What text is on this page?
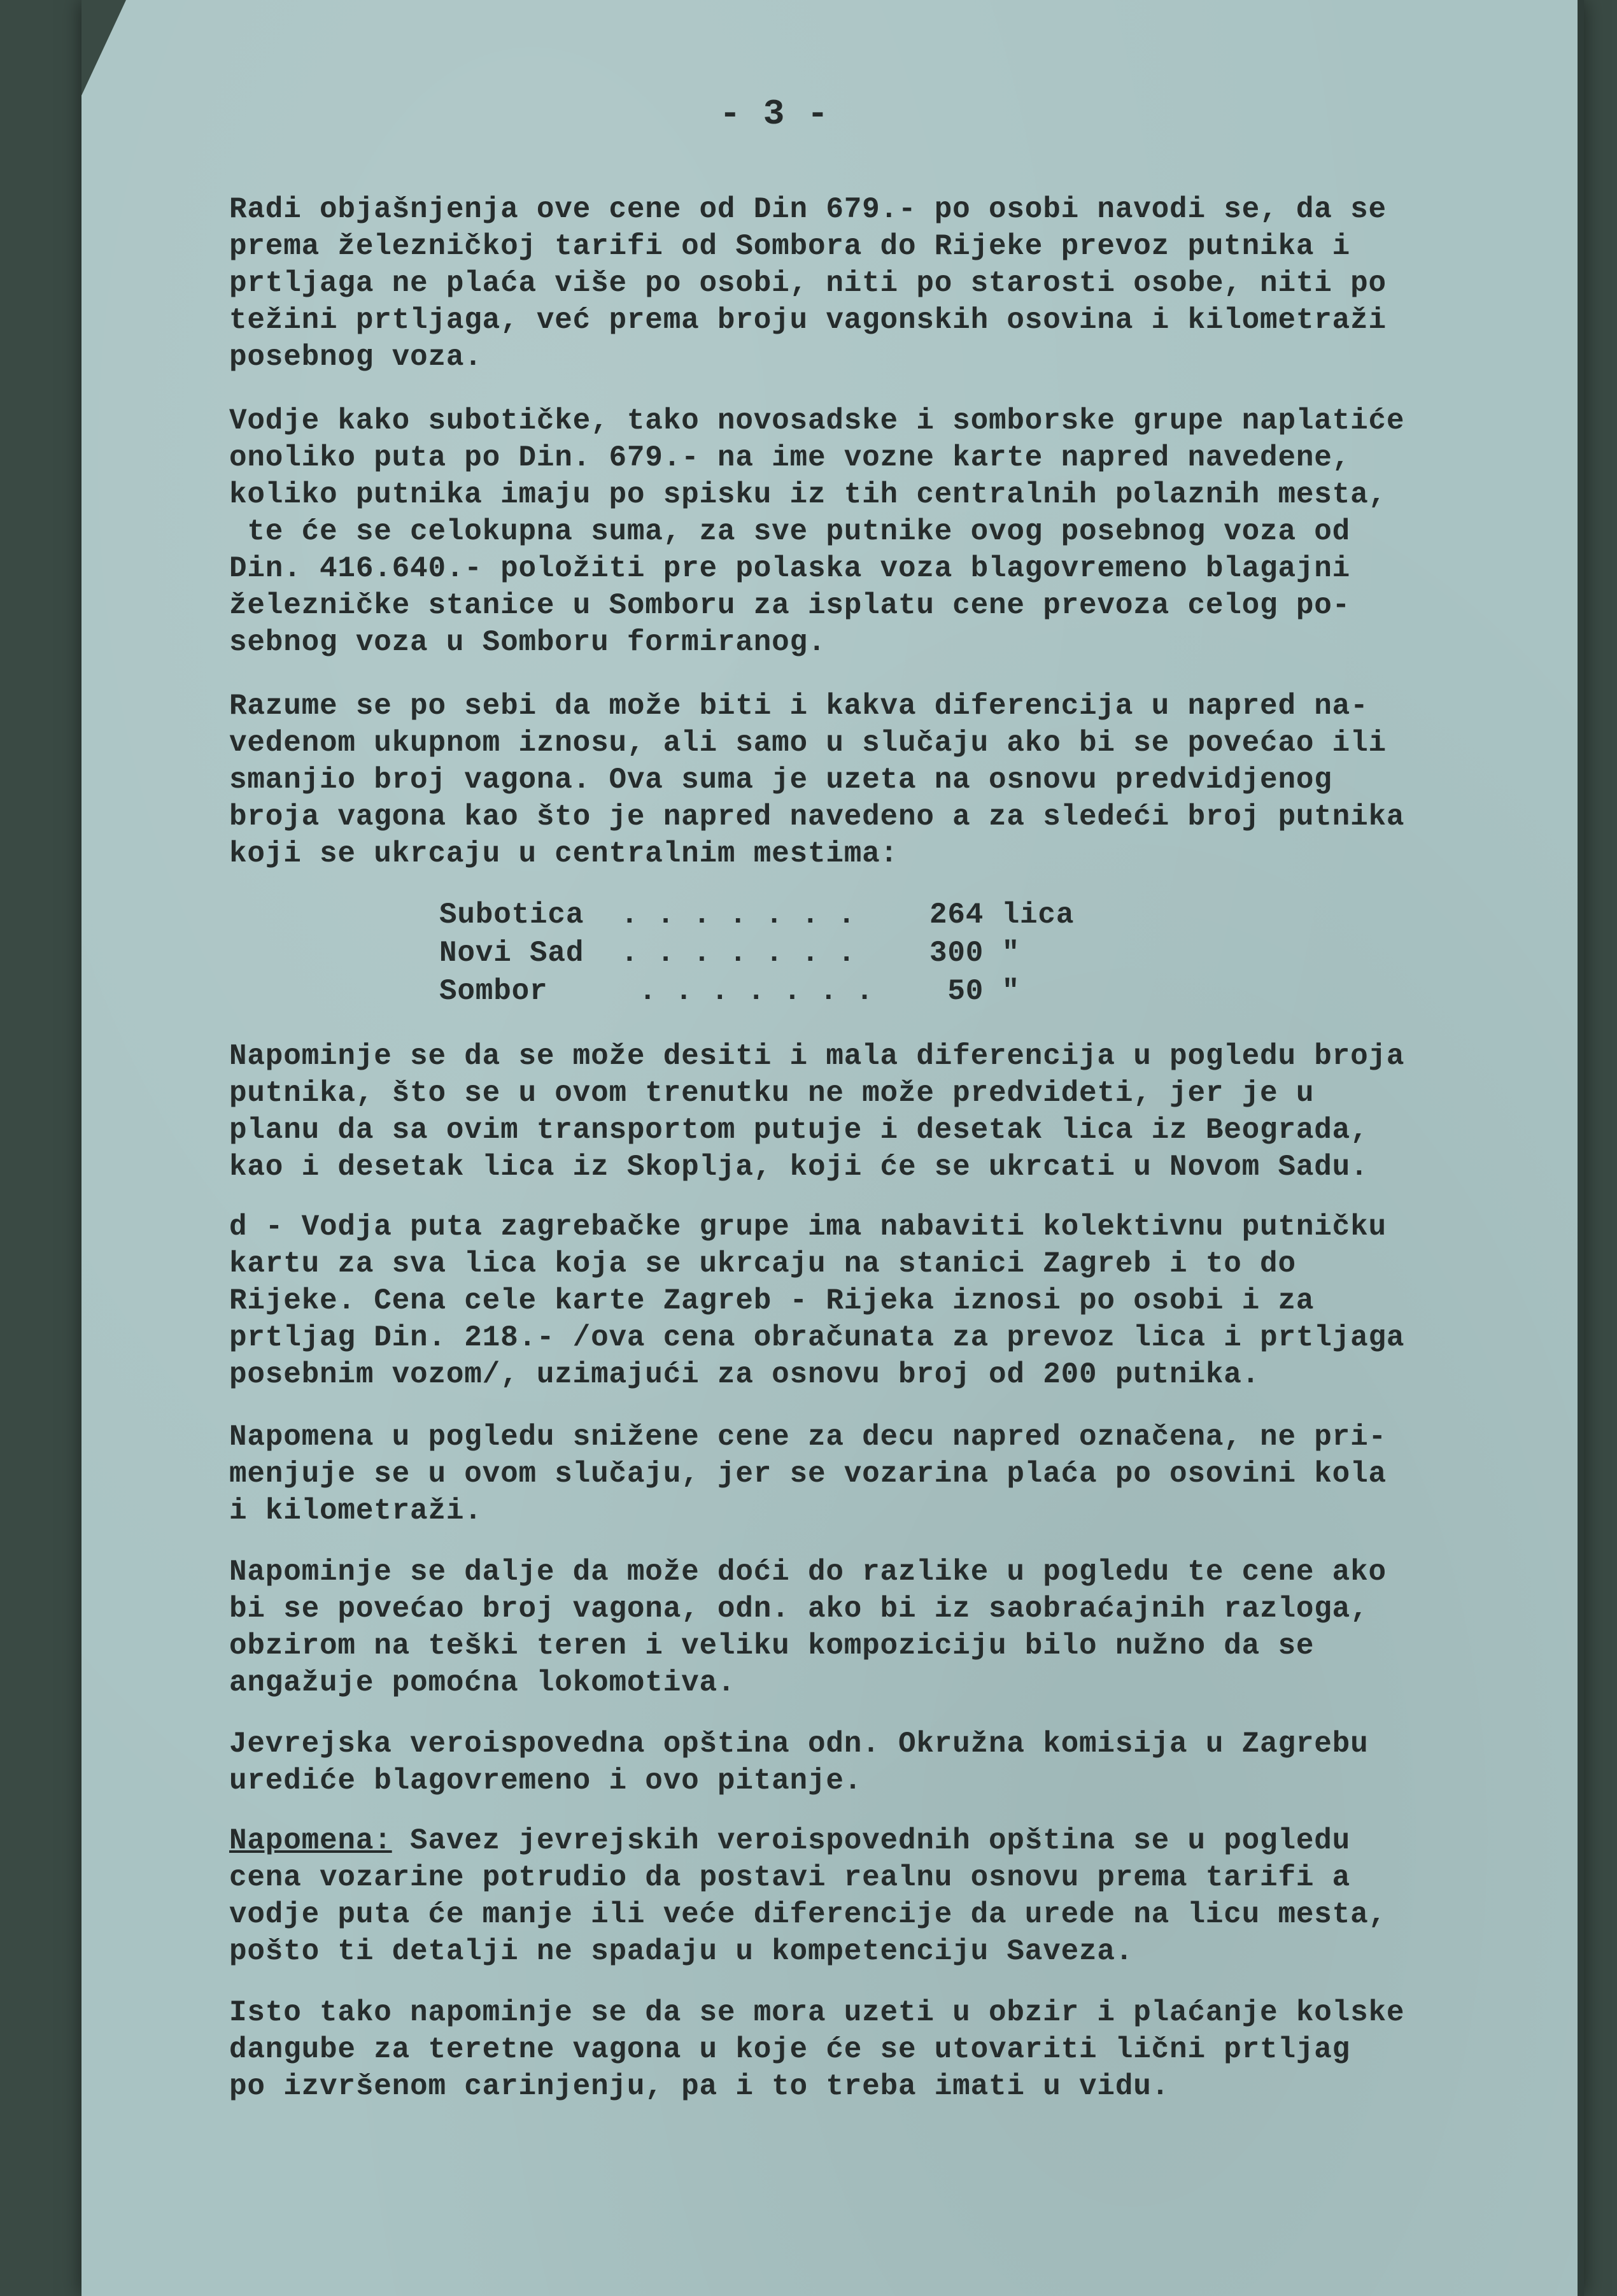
- 3 -
Radi objašnjenja ove cene od Din 679.- po osobi navodi se, da se
prema železničkoj tarifi od Sombora do Rijeke prevoz putnika i
prtljaga ne plaća više po osobi, niti po starosti osobe, niti po
težini prtljaga, već prema broju vagonskih osovina i kilometraži
posebnog voza.
Vodje kako subotičke, tako novosadske i somborske grupe naplatiće
onoliko puta po Din. 679.- na ime vozne karte napred navedene,
koliko putnika imaju po spisku iz tih centralnih polaznih mesta,
te će se celokupna suma, za sve putnike ovog posebnog voza od
Din. 416.640.- položiti pre polaska voza blagovremeno blagajni
železničke stanice u Somboru za isplatu cene prevoza celog po-
sebnog voza u Somboru formiranog.
Razume se po sebi da može biti i kakva diferencija u napred na-
vedenom ukupnom iznosu, ali samo u slučaju ako bi se povećao ili
smanjio broj vagona. Ova suma je uzeta na osnovu predvidjenog
broja vagona kao što je napred navedeno a za sledeći broj putnika
koji se ukrcaju u centralnim mestima:
Subotica . . . . . . .	264 lica
Novi Sad . . . . . . .	300 "
Sombor . . . . . . . 50 "
Napominje se da se može desiti i mala diferencija u pogledu broja
putnika, što se u ovom trenutku ne može predvideti, jer je u
planu da sa ovim transportom putuje i desetak lica iz Beograda,
kao i desetak lica iz Skoplja, koji će se ukrcati u Novom Sadu.
d - Vodja puta zagrebačke grupe ima nabaviti kolektivnu putničku
kartu za sva lica koja se ukrcaju na stanici Zagreb i to do
Rijeke. Cena cele karte Zagreb - Rijeka iznosi po osobi i za
prtljag Din. 218.- /ova cena obračunata za prevoz lica i prtljaga
posebnim vozom/, uzimajući za osnovu broj od 200 putnika.
Napomena u pogledu snižene cene za decu napred označena, ne pri-
menjuje se u ovom slučaju, jer se vozarina plaća po osovini kola
i kilometraži.
Napominje se dalje da može doći do razlike u pogledu te cene ako
bi se povećao broj vagona, odn. ako bi iz saobraćajnih razloga,
obzirom na teški teren i veliku kompoziciju bilo nužno da se
angažuje pomoćna lokomotiva.
Jevrejska veroispovedna opština odn. Okružna komisija u Zagrebu
urediće blagovremeno i ovo pitanje.
Napomena: Savez jevrejskih veroispovednih opština se u pogledu
cena vozarine potrudio da postavi realnu osnovu prema tarifi a
vodje puta će manje ili veće diferencije da urede na licu mesta,
pošto ti detalji ne spadaju u kompetenciju Saveza.
Isto tako napominje se da se mora uzeti u obzir i plaćanje kolske
dangube za teretne vagona u koje će se utovariti lični prtljag
po izvršenom carinjenju, pa i to treba imati u vidu.
